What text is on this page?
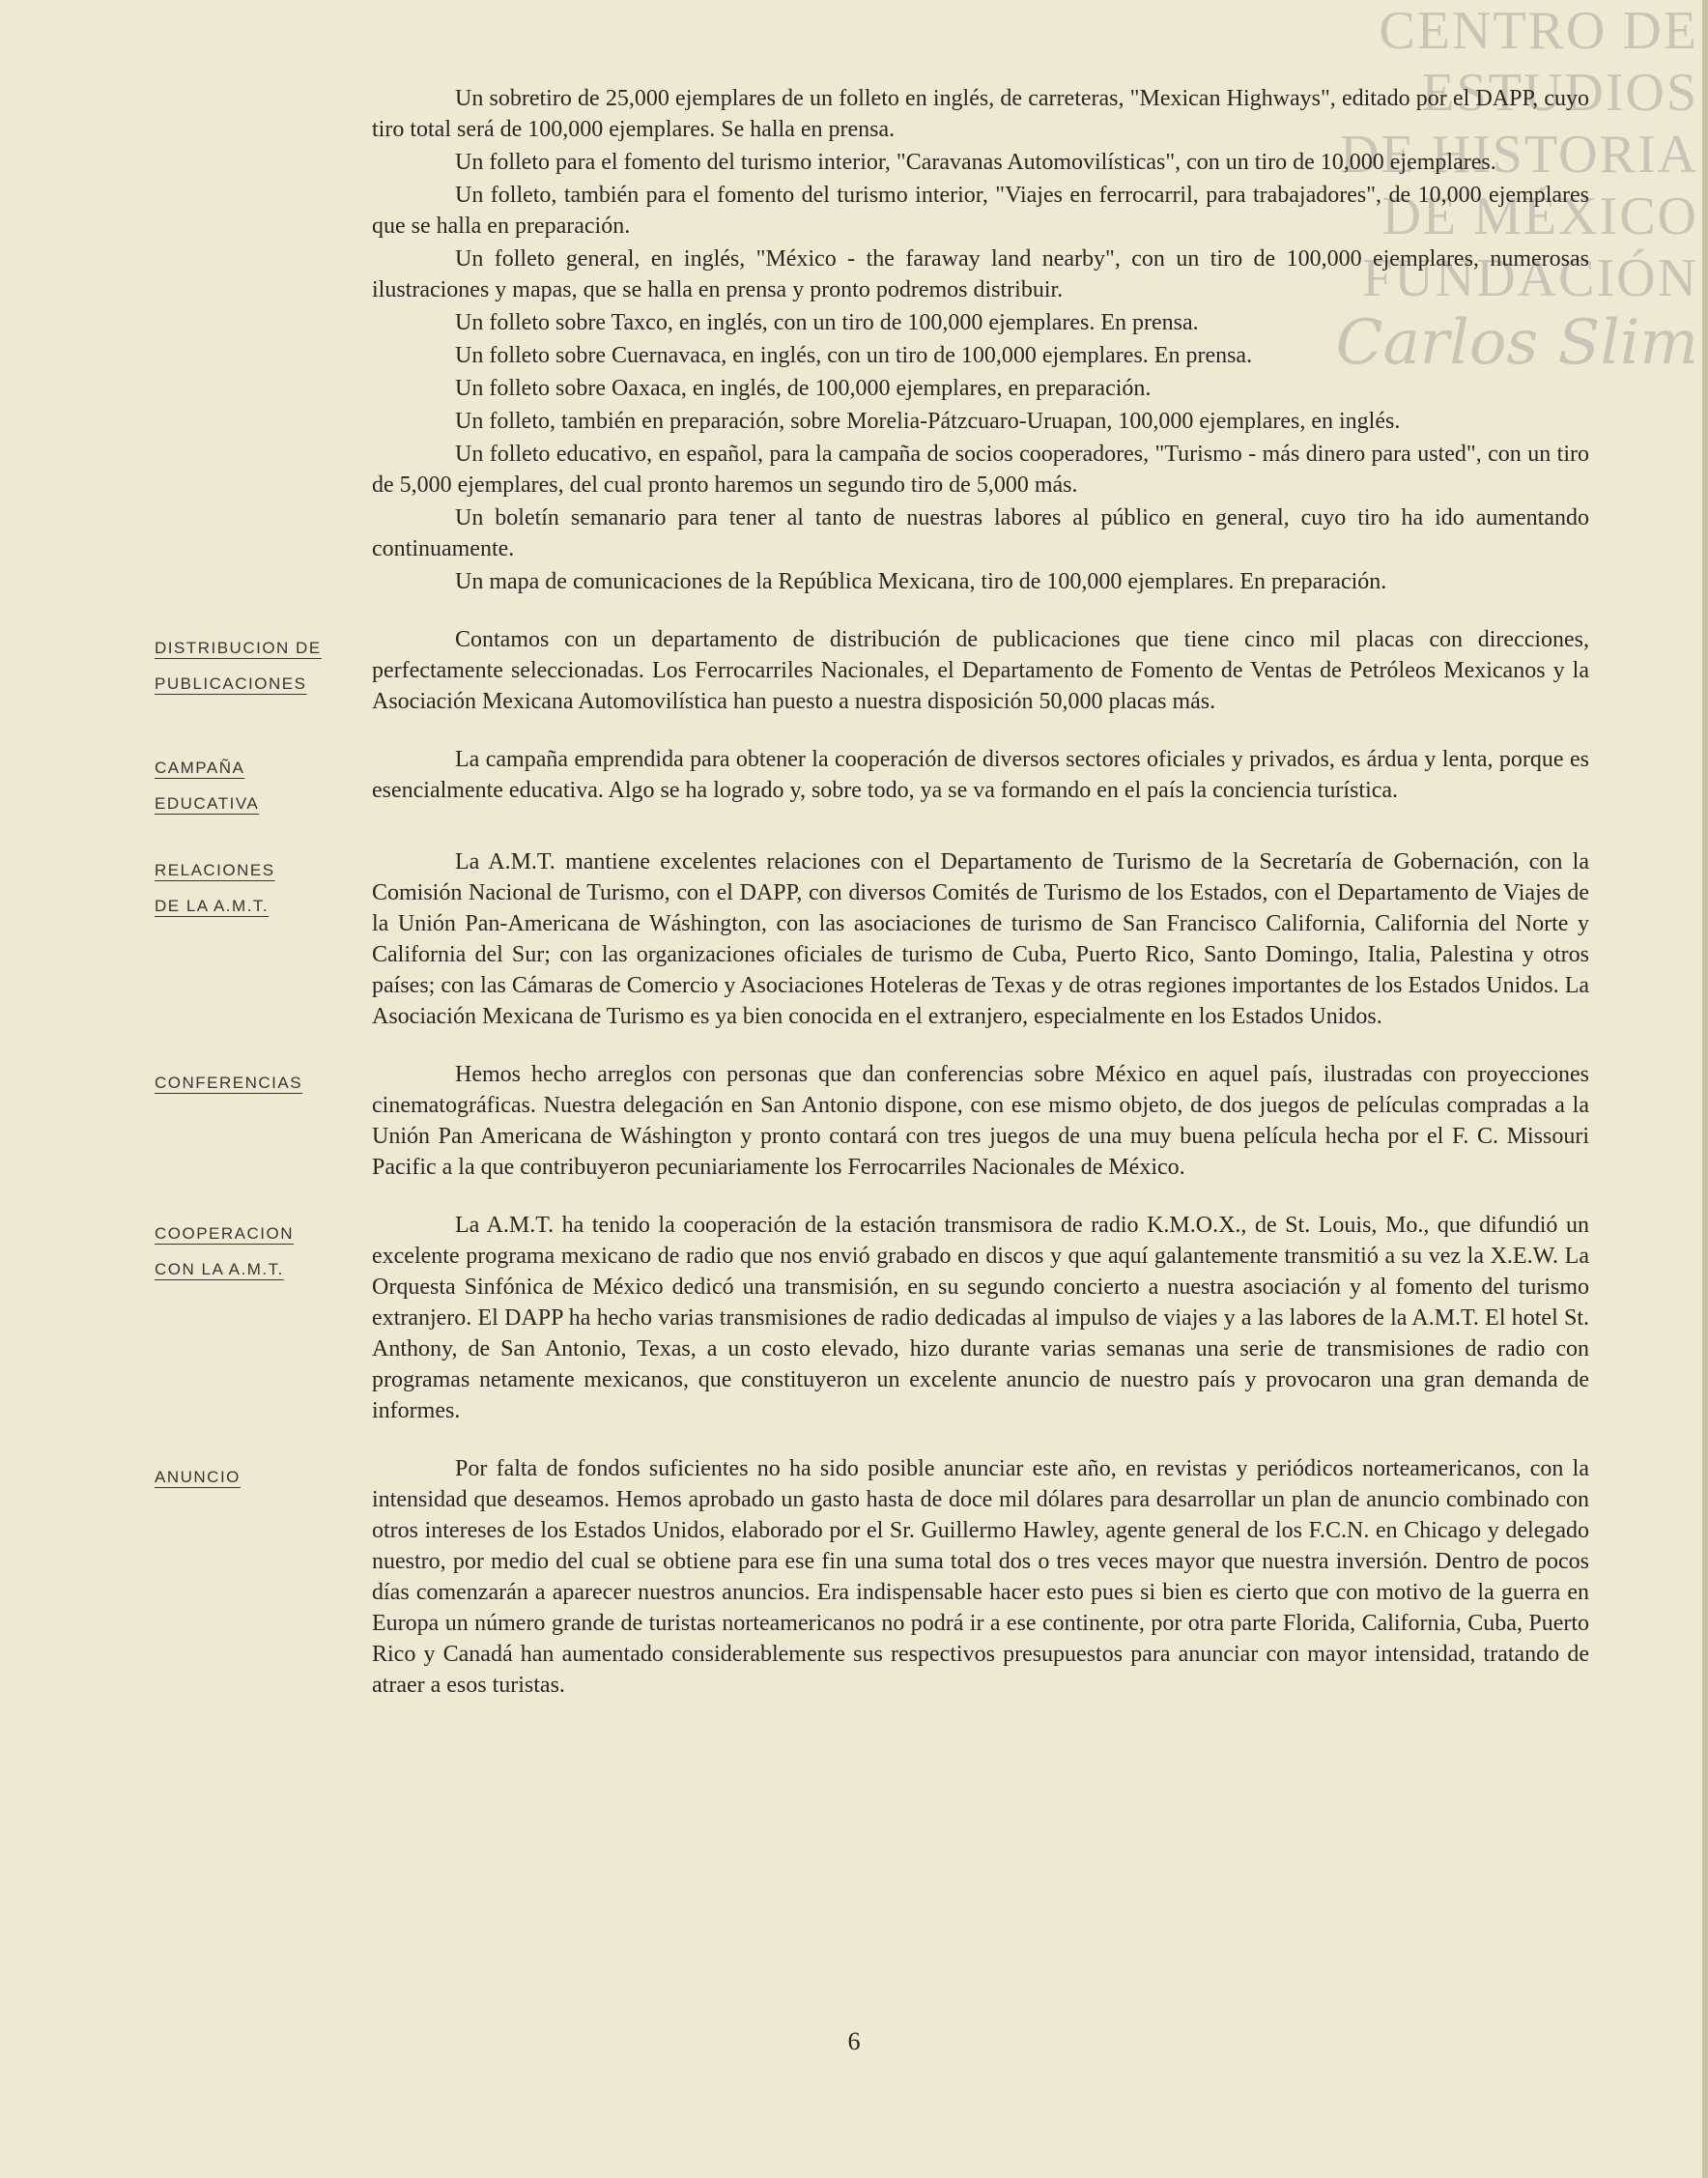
CENTRO DE
ESTUDIOS
DE HISTORIA
DE MÉXICO
FUNDACIÓN
Carlos Slim

Un sobretiro de 25,000 ejemplares de un folleto en inglés, de carreteras, "Mexican Highways", editado por el DAPP, cuyo tiro total será de 100,000 ejemplares. Se halla en prensa.

Un folleto para el fomento del turismo interior, "Caravanas Automovilísticas", con un tiro de 10,000 ejemplares.

Un folleto, también para el fomento del turismo interior, "Viajes en ferrocarril, para trabajadores", de 10,000 ejemplares que se halla en preparación.

Un folleto general, en inglés, "México - the faraway land nearby", con un tiro de 100,000 ejemplares, numerosas ilustraciones y mapas, que se halla en prensa y pronto podremos distribuir.

Un folleto sobre Taxco, en inglés, con un tiro de 100,000 ejemplares. En prensa.

Un folleto sobre Cuernavaca, en inglés, con un tiro de 100,000 ejemplares. En prensa.

Un folleto sobre Oaxaca, en inglés, de 100,000 ejemplares, en preparación.

Un folleto, también en preparación, sobre Morelia-Pátzcuaro-Uruapan, 100,000 ejemplares, en inglés.

Un folleto educativo, en español, para la campaña de socios cooperadores, "Turismo - más dinero para usted", con un tiro de 5,000 ejemplares, del cual pronto haremos un segundo tiro de 5,000 más.

Un boletín semanario para tener al tanto de nuestras labores al público en general, cuyo tiro ha ido aumentando continuamente.

Un mapa de comunicaciones de la República Mexicana, tiro de 100,000 ejemplares. En preparación.

DISTRIBUCION DE
PUBLICACIONES

Contamos con un departamento de distribución de publicaciones que tiene cinco mil placas con direcciones, perfectamente seleccionadas. Los Ferrocarriles Nacionales, el Departamento de Fomento de Ventas de Petróleos Mexicanos y la Asociación Mexicana Automovilística han puesto a nuestra disposición 50,000 placas más.

CAMPAÑA
EDUCATIVA

La campaña emprendida para obtener la cooperación de diversos sectores oficiales y privados, es árdua y lenta, porque es esencialmente educativa. Algo se ha logrado y, sobre todo, ya se va formando en el país la conciencia turística.

RELACIONES
DE LA A.M.T.

La A.M.T. mantiene excelentes relaciones con el Departamento de Turismo de la Secretaría de Gobernación, con la Comisión Nacional de Turismo, con el DAPP, con diversos Comités de Turismo de los Estados, con el Departamento de Viajes de la Unión Pan-Americana de Wáshington, con las asociaciones de turismo de San Francisco California, California del Norte y California del Sur; con las organizaciones oficiales de turismo de Cuba, Puerto Rico, Santo Domingo, Italia, Palestina y otros países; con las Cámaras de Comercio y Asociaciones Hoteleras de Texas y de otras regiones importantes de los Estados Unidos. La Asociación Mexicana de Turismo es ya bien conocida en el extranjero, especialmente en los Estados Unidos.

CONFERENCIAS	Hemos hecho arreglos con personas que dan conferencias sobre México en aquel país, ilustradas con proyecciones cinematográficas. Nuestra delegación en San Antonio dispone, con ese mismo objeto, de dos juegos de películas compradas a la Unión Pan Americana de Wáshington y pronto contará con tres juegos de una muy buena película hecha por el F. C. Missouri Pacific a la que contribuyeron pecuniariamente los Ferrocarriles Nacionales de México.

COOPERACION
CON LA A.M.T.

La A.M.T. ha tenido la cooperación de la estación transmisora de radio K.M.O.X., de St. Louis, Mo., que difundió un excelente programa mexicano de radio que nos envió grabado en discos y que aquí galantemente transmitió a su vez la X.E.W. La Orquesta Sinfónica de México dedicó una transmisión, en su segundo concierto a nuestra asociación y al fomento del turismo extranjero. El DAPP ha hecho varias transmisiones de radio dedicadas al impulso de viajes y a las labores de la A.M.T. El hotel St. Anthony, de San Antonio, Texas, a un costo elevado, hizo durante varias semanas una serie de transmisiones de radio con programas netamente mexicanos, que constituyeron un excelente anuncio de nuestro país y provocaron una gran demanda de informes.

ANUNCIO	Por falta de fondos suficientes no ha sido posible anunciar este año, en revistas y periódicos norteamericanos, con la intensidad que deseamos. Hemos aprobado un gasto hasta de doce mil dólares para desarrollar un plan de anuncio combinado con otros intereses de los Estados Unidos, elaborado por el Sr. Guillermo Hawley, agente general de los F.C.N. en Chicago y delegado nuestro, por medio del cual se obtiene para ese fin una suma total dos o tres veces mayor que nuestra inversión. Dentro de pocos días comenzarán a aparecer nuestros anuncios. Era indispensable hacer esto pues si bien es cierto que con motivo de la guerra en Europa un número grande de turistas norteamericanos no podrá ir a ese continente, por otra parte Florida, California, Cuba, Puerto Rico y Canadá han aumentado considerablemente sus respectivos presupuestos para anunciar con mayor intensidad, tratando de atraer a esos turistas.

6
